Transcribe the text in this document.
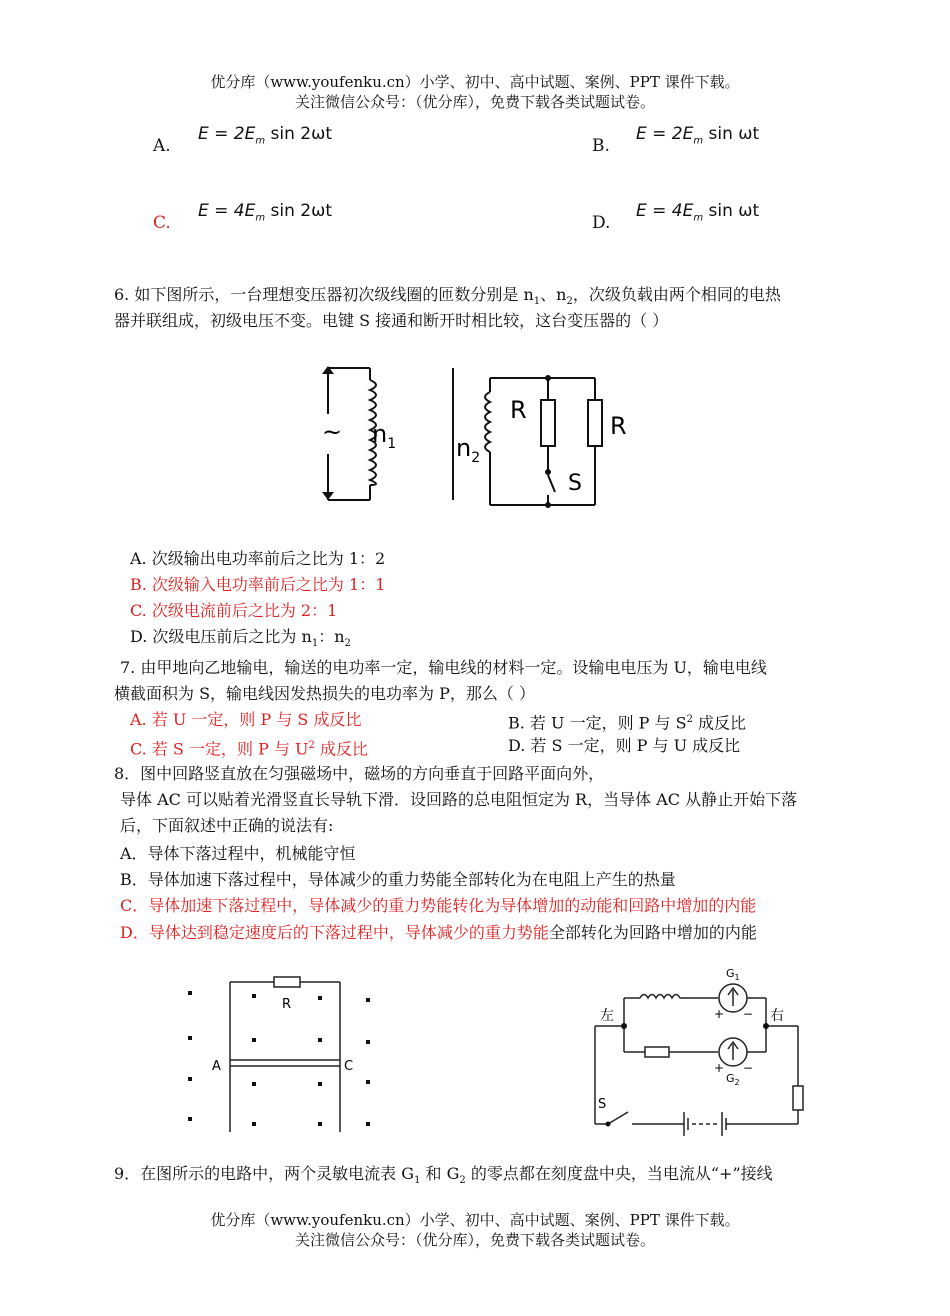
优分库（www.youfenku.cn）小学、初中、高中试题、案例、PPT 课件下载。
关注微信公众号：（优分库），免费下载各类试题试卷。
A.
$E = 2E_m$ sin 2ωt
B.
$E = 2E_m$ sin ωt
C.
$E = 4E_m$ sin 2ωt
D.
$E = 4E_m$ sin ωt
6. 如下图所示，一台理想变压器初次级线圈的匝数分别是 $n_1$、$n_2$，次级负载由两个相同的电热
器并联组成，初级电压不变。电键 S 接通和断开时相比较，这台变压器的（ ）
~ $n_1$ $n_2$
R
R
S
A. 次级输出电功率前后之比为 1：2
B. 次级输入电功率前后之比为 1：1
C. 次级电流前后之比为 2：1
D. 次级电压前后之比为 $n_1$：$n_2$
7. 由甲地向乙地输电，输送的电功率一定，输电线的材料一定。设输电电压为 U，输电电线
横截面积为 S，输电线因发热损失的电功率为 P，那么（ ）
A. 若 U 一定，则 P 与 S 成反比	B. 若 U 一定，则 P 与 $S^2$ 成反比
C. 若 S 一定，则 P 与 $U^2$ 成反比	D. 若 S 一定，则 P 与 U 成反比
8．图中回路竖直放在匀强磁场中，磁场的方向垂直于回路平面向外，
导体 AC 可以贴着光滑竖直长导轨下滑．设回路的总电阻恒定为 R，当导体 AC 从静止开始下落
后，下面叙述中正确的说法有:
A．导体下落过程中，机械能守恒
B．导体加速下落过程中，导体减少的重力势能全部转化为在电阻上产生的热量
C．导体加速下落过程中，导体减少的重力势能转化为导体增加的动能和回路中增加的内能
D．导体达到稳定速度后的下落过程中，导体减少的重力势能全部转化为回路中增加的内能
R
A	C
$G_1$
$G_2$
左	右
S
+ −
+ −
9．在图所示的电路中，两个灵敏电流表 $G_1$ 和 $G_2$ 的零点都在刻度盘中央，当电流从“+”接线
优分库（www.youfenku.cn）小学、初中、高中试题、案例、PPT 课件下载。
关注微信公众号：（优分库），免费下载各类试题试卷。
